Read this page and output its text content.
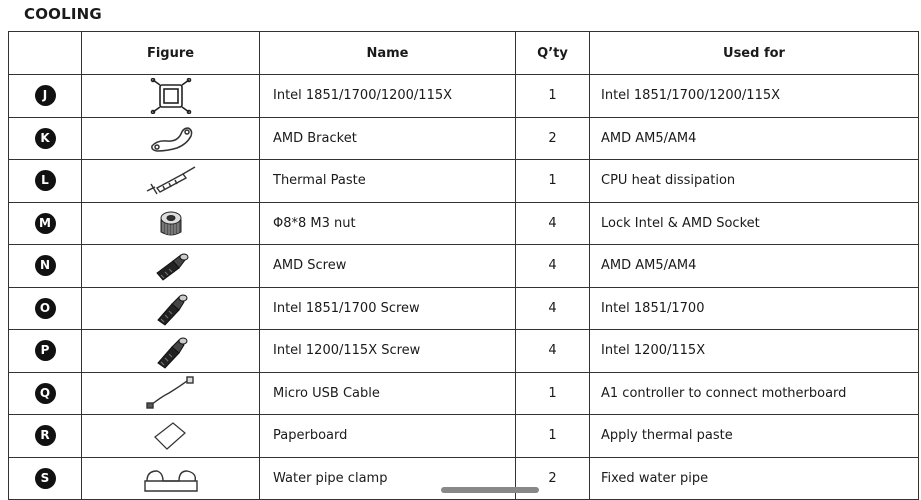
COOLING
	Figure	Name	Q’ty	Used for
J		Intel 1851/1700/1200/115X	1	Intel 1851/1700/1200/115X
K		AMD Bracket	2	AMD AM5/AM4
L		Thermal Paste	1	CPU heat dissipation
M		Φ8*8 M3 nut	4	Lock Intel & AMD Socket
N		AMD Screw	4	AMD AM5/AM4
O		Intel 1851/1700 Screw	4	Intel 1851/1700
P		Intel 1200/115X Screw	4	Intel 1200/115X
Q		Micro USB Cable	1	A1 controller to connect motherboard
R		Paperboard	1	Apply thermal paste
S		Water pipe clamp	2	Fixed water pipe
